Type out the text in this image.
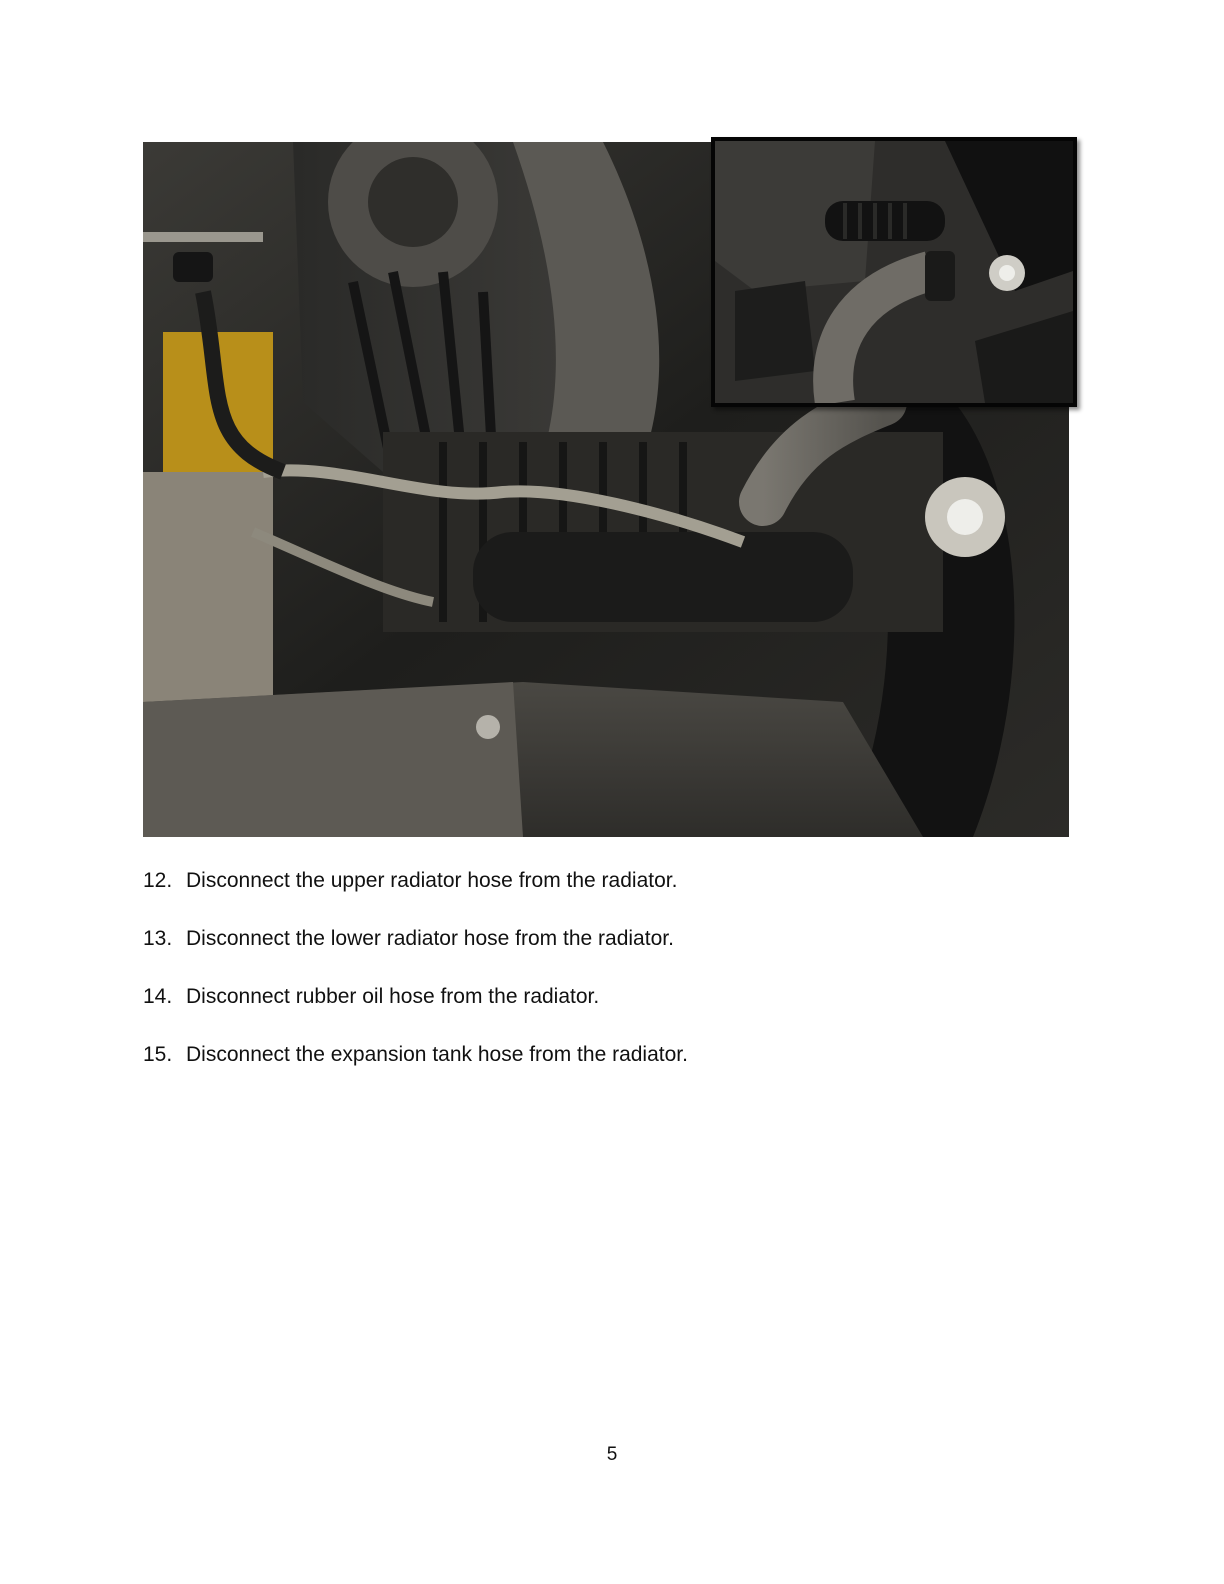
12. Disconnect the upper radiator hose from the radiator.
13. Disconnect the lower radiator hose from the radiator.
14. Disconnect rubber oil hose from the radiator.
15. Disconnect the expansion tank hose from the radiator.
5
